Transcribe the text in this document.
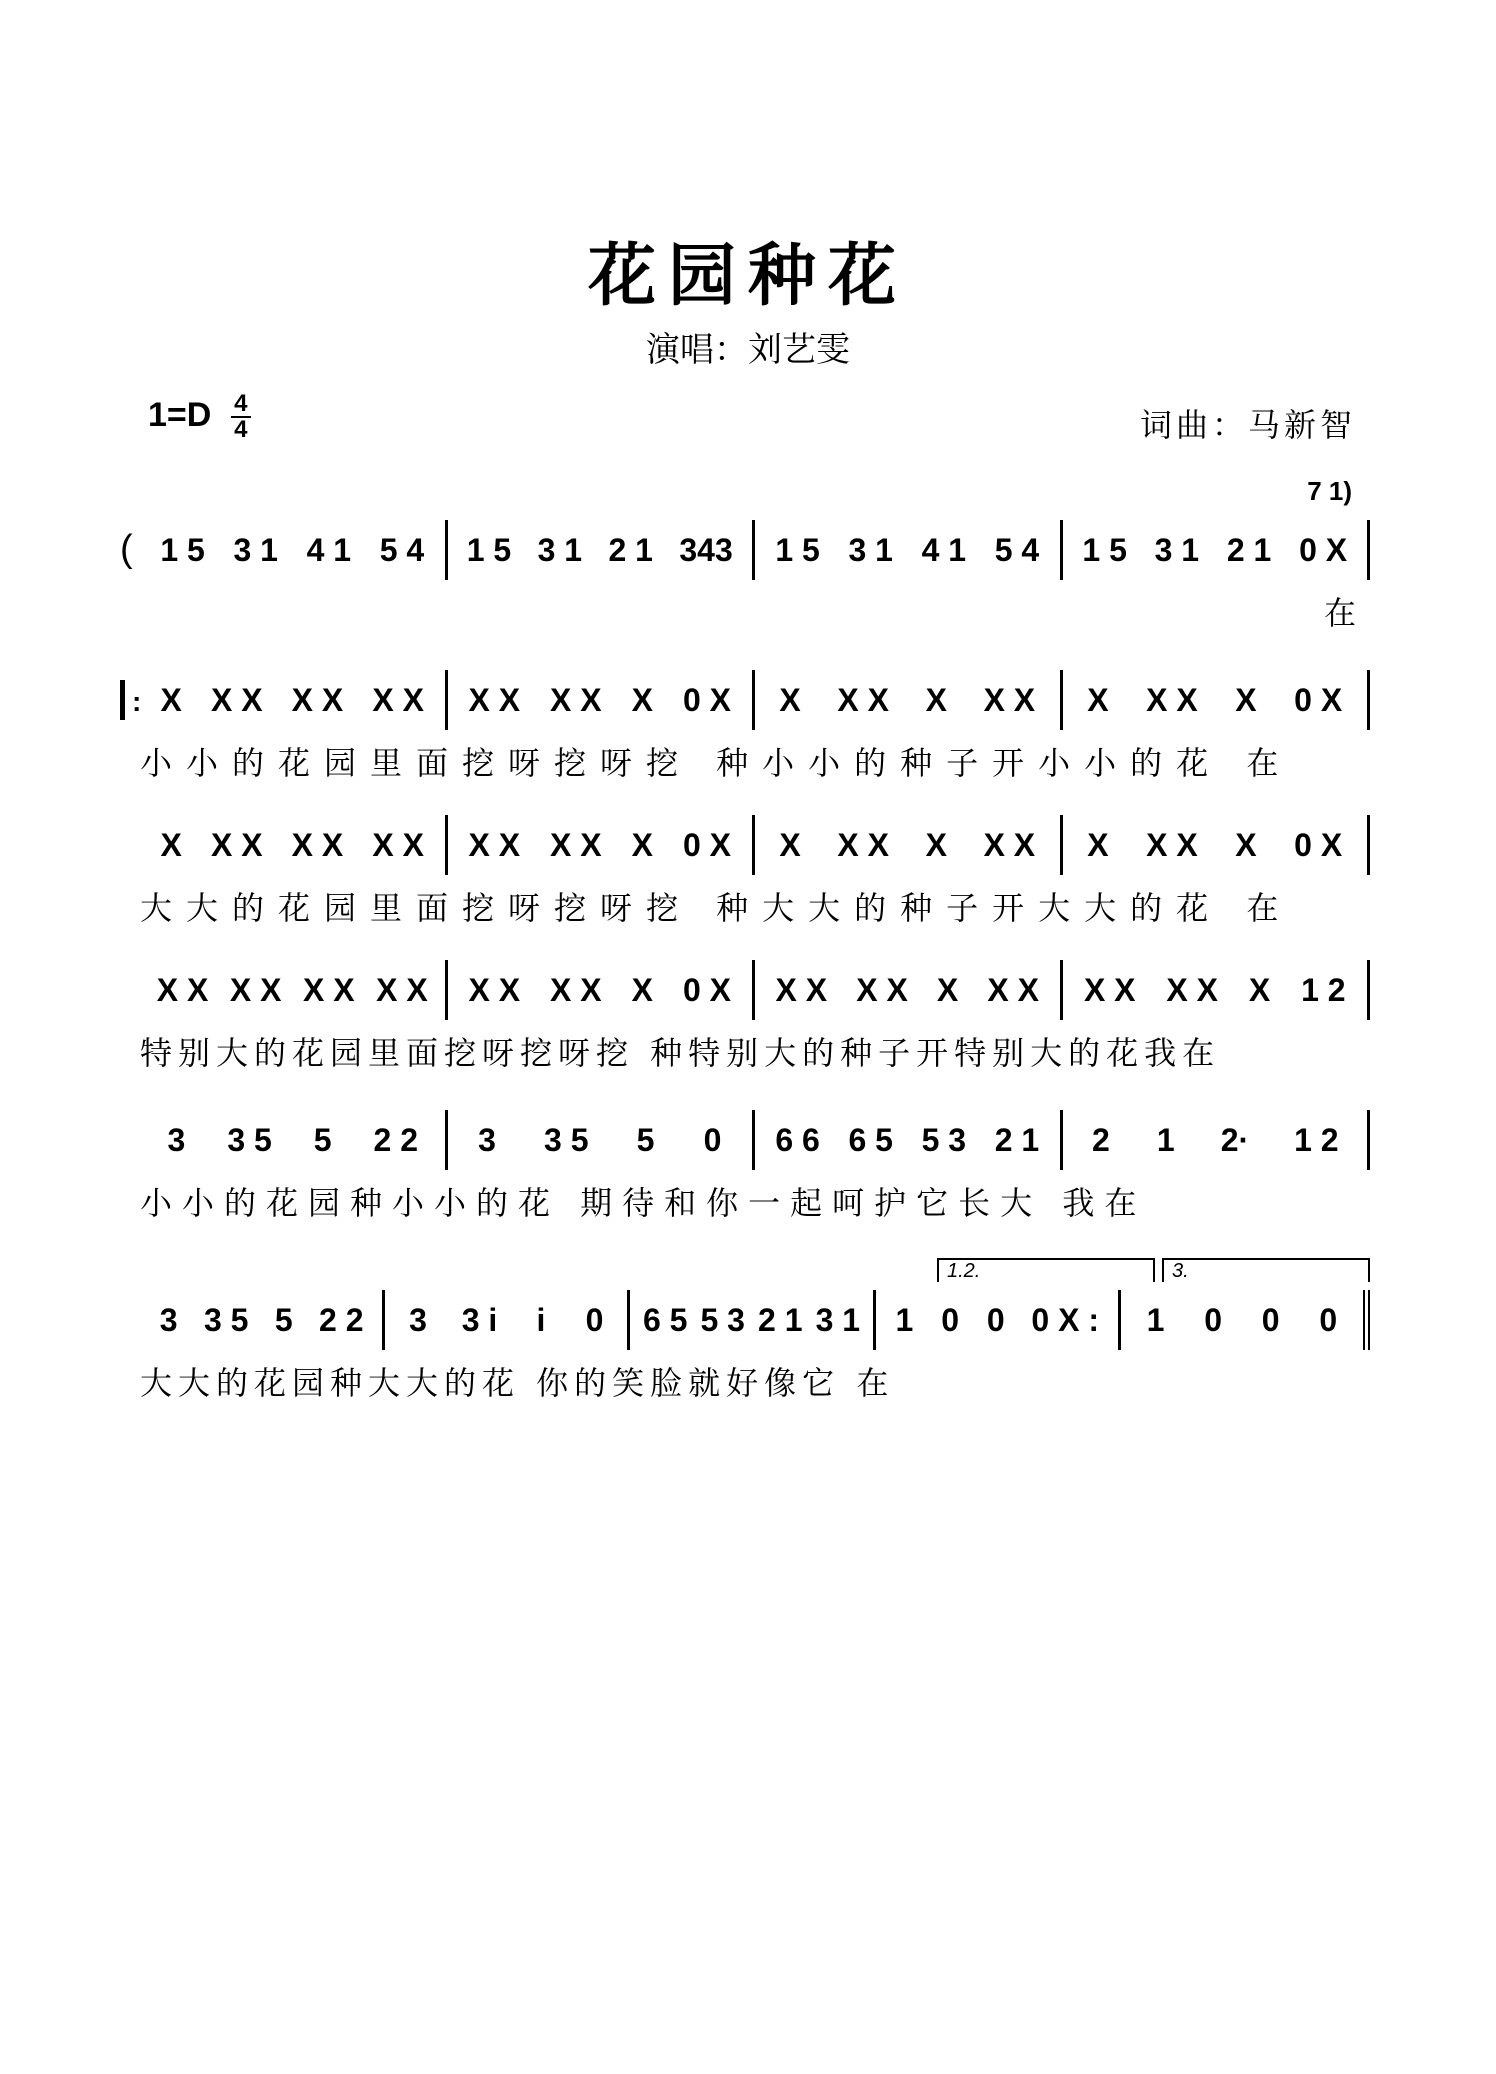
花园种花
演唱：刘艺雯
$1=D \frac{4}{4}$	词曲：马新智
(
7 1)
1 5 3 1 4 1 5 4 1 5 3 1 2 1 343 1 5 3 1 4 1 5 4 1 5 3 1 2 1 0 X
在
: X X X X X X X X X X X X 0 X X X X X X X X X X X 0 X
小小的花园里面挖呀挖呀挖 种小小的种子开小小的花 在
X X X X X X X X X X X X 0 X X X X X X X X X X X 0 X
大大的花园里面挖呀挖呀挖 种大大的种子开大大的花 在
X X X X X X X X X X X X X 0 X X X X X X X X X X X X X 1 2
特别大的花园里面挖呀挖呀挖 种特别大的种子开特别大的花我在
3 3 5 5 2 2 3 3 5 5 0 6 6 6 5 5 3 2 1 2 1 2· 1 2
小小的花园种小小的花 期待和你一起呵护它长大 我在
1.2.	3.
3 3 5 5 2 2 3 3 i i 0 6 5 5 3 2 1 3 1 1 0 0 0 X : 1 0 0 0
大大的花园种大大的花 你的笑脸就好像它 在
